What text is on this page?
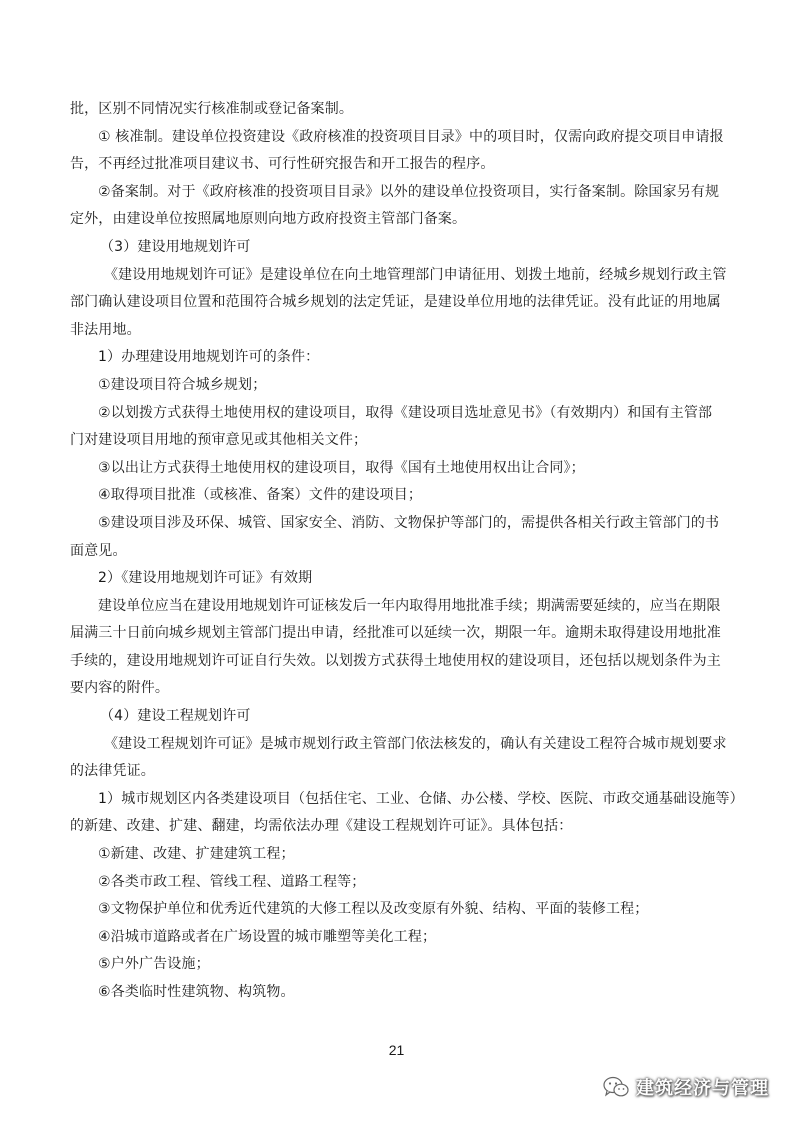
批，区别不同情况实行核准制或登记备案制。
① 核准制。建设单位投资建设《政府核准的投资项目目录》中的项目时，仅需向政府提交项目申请报
告，不再经过批准项目建议书、可行性研究报告和开工报告的程序。
②备案制。对于《政府核准的投资项目目录》以外的建设单位投资项目，实行备案制。除国家另有规
定外，由建设单位按照属地原则向地方政府投资主管部门备案。
（3）建设用地规划许可
《建设用地规划许可证》是建设单位在向土地管理部门申请征用、划拨土地前，经城乡规划行政主管
部门确认建设项目位置和范围符合城乡规划的法定凭证，是建设单位用地的法律凭证。没有此证的用地属
非法用地。
1）办理建设用地规划许可的条件：
①建设项目符合城乡规划；
②以划拨方式获得土地使用权的建设项目，取得《建设项目选址意见书》（有效期内）和国有主管部
门对建设项目用地的预审意见或其他相关文件；
③以出让方式获得土地使用权的建设项目，取得《国有土地使用权出让合同》；
④取得项目批准（或核准、备案）文件的建设项目；
⑤建设项目涉及环保、城管、国家安全、消防、文物保护等部门的，需提供各相关行政主管部门的书
面意见。
2）《建设用地规划许可证》有效期
建设单位应当在建设用地规划许可证核发后一年内取得用地批准手续；期满需要延续的，应当在期限
届满三十日前向城乡规划主管部门提出申请，经批准可以延续一次，期限一年。逾期未取得建设用地批准
手续的，建设用地规划许可证自行失效。以划拨方式获得土地使用权的建设项目，还包括以规划条件为主
要内容的附件。
（4）建设工程规划许可
《建设工程规划许可证》是城市规划行政主管部门依法核发的，确认有关建设工程符合城市规划要求
的法律凭证。
1）城市规划区内各类建设项目（包括住宅、工业、仓储、办公楼、学校、医院、市政交通基础设施等）
的新建、改建、扩建、翻建，均需依法办理《建设工程规划许可证》。具体包括：
①新建、改建、扩建建筑工程；
②各类市政工程、管线工程、道路工程等；
③文物保护单位和优秀近代建筑的大修工程以及改变原有外貌、结构、平面的装修工程；
④沿城市道路或者在广场设置的城市雕塑等美化工程；
⑤户外广告设施；
⑥各类临时性建筑物、构筑物。
21
建筑经济与管理
